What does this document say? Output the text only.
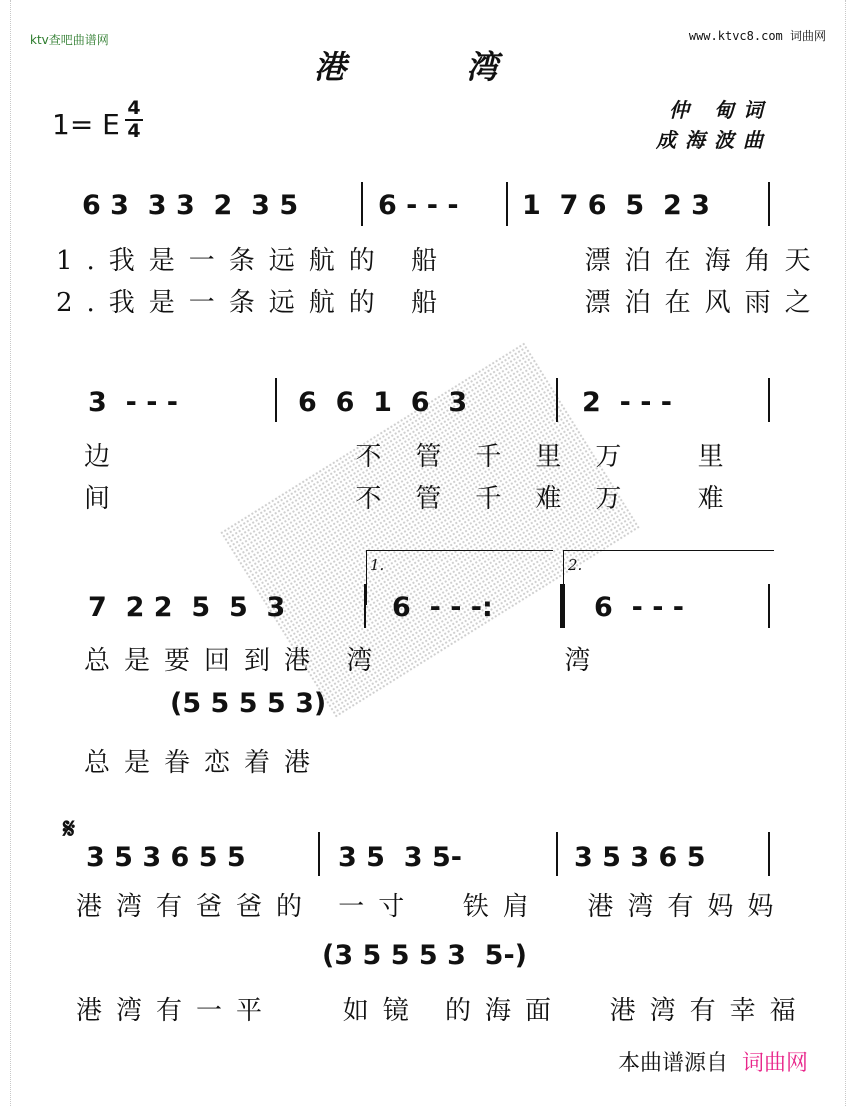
ktv查吧曲谱网	www.ktvc8.com 词曲网
港　湾
1= E 4
4
仲 甸词
成海波曲
6 3  3 3  2  3 5	6 - - - 1  7 6  5  2 3
1.我是一条远航的 船      漂泊在海角天
2.我是一条远航的 船      漂泊在风雨之
3  - - -	6  6  1  6  3	2  - - -
边     不管千里万 里
间     不管千难万 难
1.	2.
7  2 2  5  5  3	6  - - -:	6  - - -
总是要回到港 湾        湾
(5 5 5 5 3)
总是眷恋着港
𝄋
3 5 3 6 5 5	3 5  3 5-	3 5 3 6 5
港湾有爸爸的 一寸  铁肩  港湾有妈妈
(3 5 5 5 3  5-)
港湾有一平   如镜 的海面  港湾有幸福
本曲谱源自 词曲网
